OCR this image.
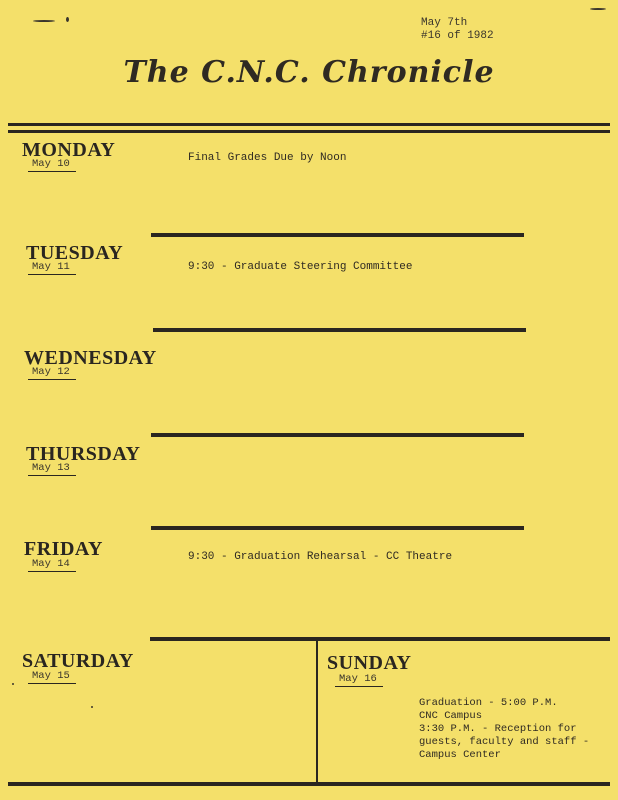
May 7th
#16 of 1982
The C.N.C. Chronicle
MONDAY
May 10	Final Grades Due by Noon
TUESDAY
May 11	9:30 - Graduate Steering Committee
WEDNESDAY
May 12
THURSDAY
May 13
FRIDAY
May 14
9:30 - Graduation Rehearsal - CC Theatre
SATURDAY
May 15
SUNDAY
May 16
Graduation - 5:00 P.M.
CNC Campus
3:30 P.M. - Reception for
guests, faculty and staff -
Campus Center
